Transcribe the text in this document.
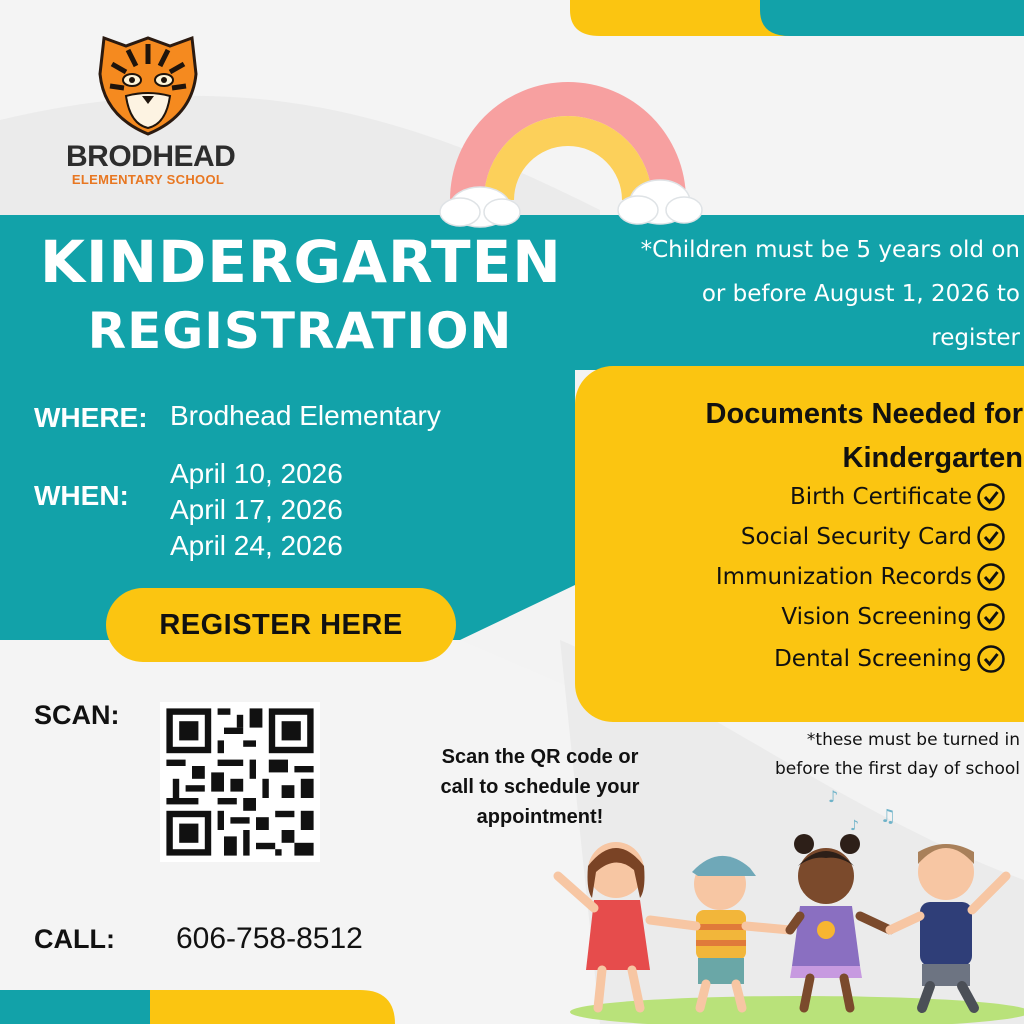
BRODHEAD
ELEMENTARY SCHOOL
KINDERGARTEN
REGISTRATION
WHERE: Brodhead Elementary
WHEN:
April 10, 2026
April 17, 2026
April 24, 2026
*Children must be 5 years old on
or before August 1, 2026 to
register
Documents Needed for
Kindergarten
Birth Certificate
Social Security Card
Immunization Records
Vision Screening
Dental Screening
REGISTER HERE
SCAN:
Scan the QR code or
call to schedule your
appointment!
*these must be turned in
before the first day of school
CALL: 606-758-8512
♪
♫
♪
